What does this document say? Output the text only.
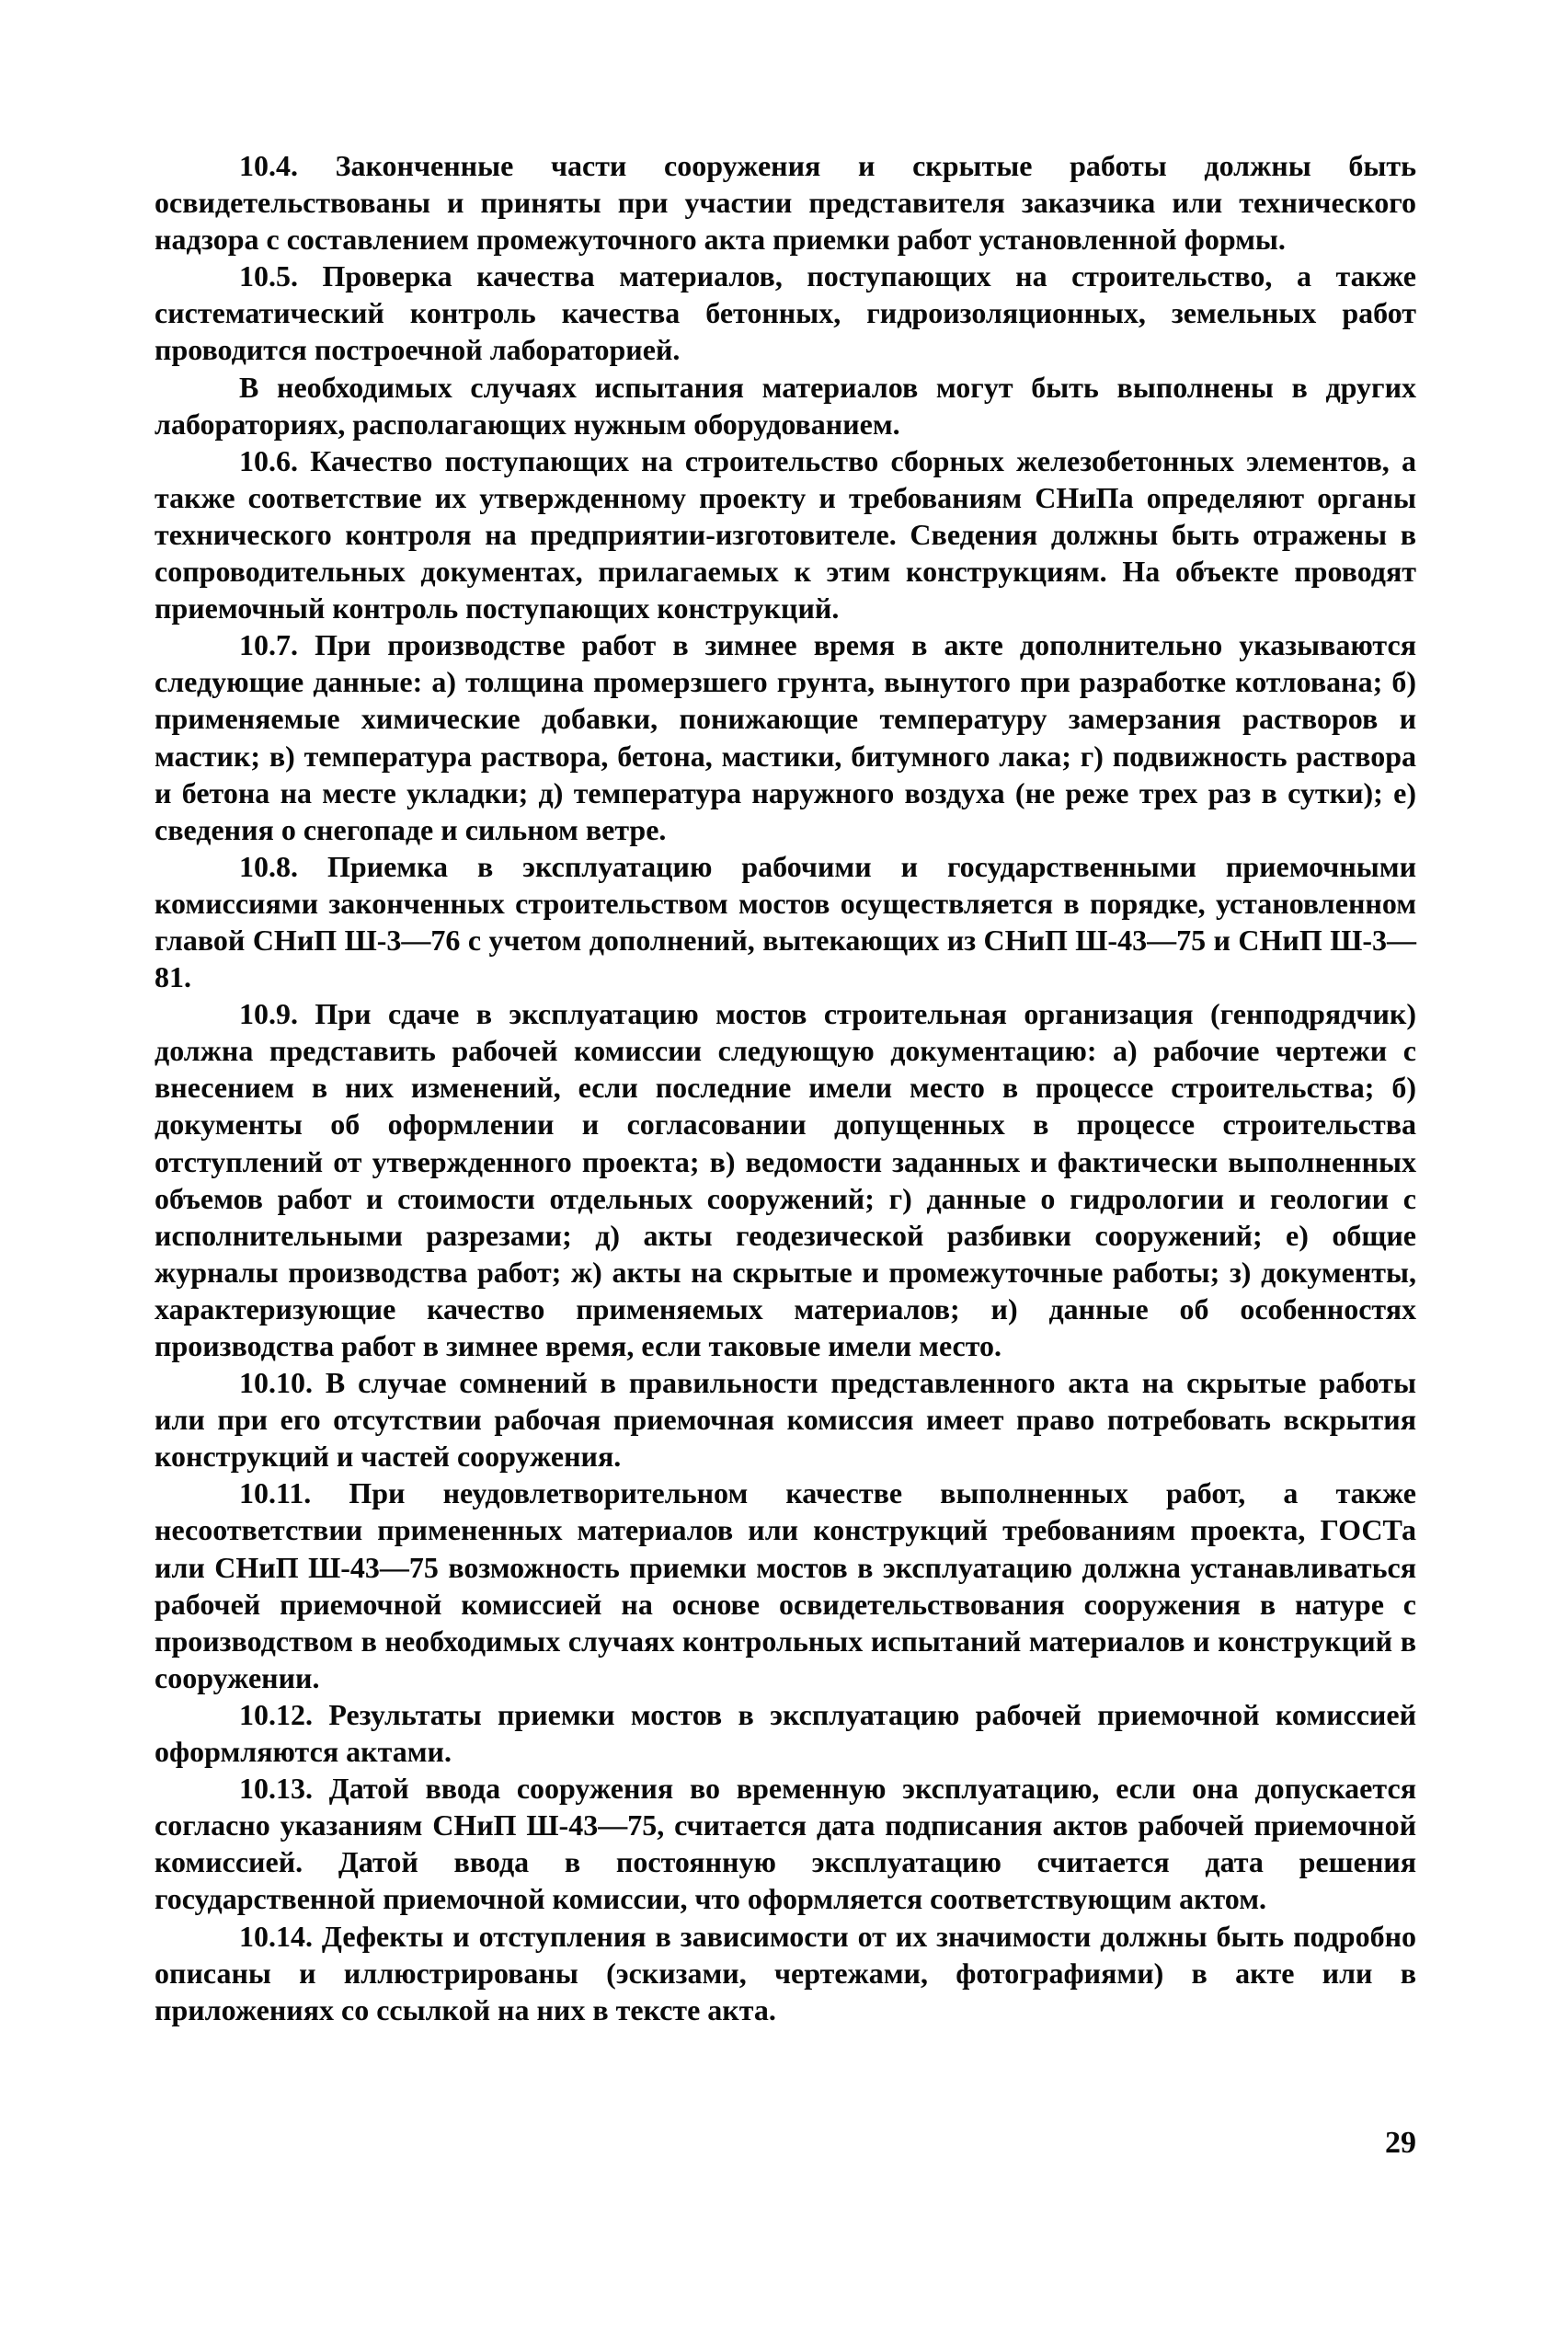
10.4. Законченные части сооружения и скрытые работы должны быть освидетельствованы и приняты при участии представителя заказчика или технического надзора с составлением промежуточного акта приемки работ установленной формы.

10.5. Проверка качества материалов, поступающих на строительство, а также систематический контроль качества бетонных, гидроизоляционных, земельных работ проводится построечной лабораторией.

В необходимых случаях испытания материалов могут быть выполнены в других лабораториях, располагающих нужным оборудованием.

10.6. Качество поступающих на строительство сборных железобетонных элементов, а также соответствие их утвержденному проекту и требованиям СНиПа определяют органы технического контроля на предприятии-изготовителе. Сведения должны быть отражены в сопроводительных документах, прилагаемых к этим конструкциям. На объекте проводят приемочный контроль поступающих конструкций.

10.7. При производстве работ в зимнее время в акте дополнительно указываются следующие данные: а) толщина промерзшего грунта, вынутого при разработке котлована; б) применяемые химические добавки, понижающие температуру замерзания растворов и мастик; в) температура раствора, бетона, мастики, битумного лака; г) подвижность раствора и бетона на месте укладки; д) температура наружного воздуха (не реже трех раз в сутки); е) сведения о снегопаде и сильном ветре.

10.8. Приемка в эксплуатацию рабочими и государственными приемочными комиссиями законченных строительством мостов осуществляется в порядке, установленном главой СНиП Ш-3—76 с учетом дополнений, вытекающих из СНиП Ш-43—75 и СНиП Ш-3—81.

10.9. При сдаче в эксплуатацию мостов строительная организация (генподрядчик) должна представить рабочей комиссии следующую документацию: а) рабочие чертежи с внесением в них изменений, если последние имели место в процессе строительства; б) документы об оформлении и согласовании допущенных в процессе строительства отступлений от утвержденного проекта; в) ведомости заданных и фактически выполненных объемов работ и стоимости отдельных сооружений; г) данные о гидрологии и геологии с исполнительными разрезами; д) акты геодезической разбивки сооружений; е) общие журналы производства работ; ж) акты на скрытые и промежуточные работы; з) документы, характеризующие качество применяемых материалов; и) данные об особенностях производства работ в зимнее время, если таковые имели место.

10.10. В случае сомнений в правильности представленного акта на скрытые работы или при его отсутствии рабочая приемочная комиссия имеет право потребовать вскрытия конструкций и частей сооружения.

10.11. При неудовлетворительном качестве выполненных работ, а также несоответствии примененных материалов или конструкций требованиям проекта, ГОСТа или СНиП Ш-43—75 возможность приемки мостов в эксплуатацию должна устанавливаться рабочей приемочной комиссией на основе освидетельствования сооружения в натуре с производством в необходимых случаях контрольных испытаний материалов и конструкций в сооружении.

10.12. Результаты приемки мостов в эксплуатацию рабочей приемочной комиссией оформляются актами.

10.13. Датой ввода сооружения во временную эксплуатацию, если она допускается согласно указаниям СНиП Ш-43—75, считается дата подписания актов рабочей приемочной комиссией. Датой ввода в постоянную эксплуатацию считается дата решения государственной приемочной комиссии, что оформляется соответствующим актом.

10.14. Дефекты и отступления в зависимости от их значимости должны быть подробно описаны и иллюстрированы (эскизами, чертежами, фотографиями) в акте или в приложениях со ссылкой на них в тексте акта.

29
